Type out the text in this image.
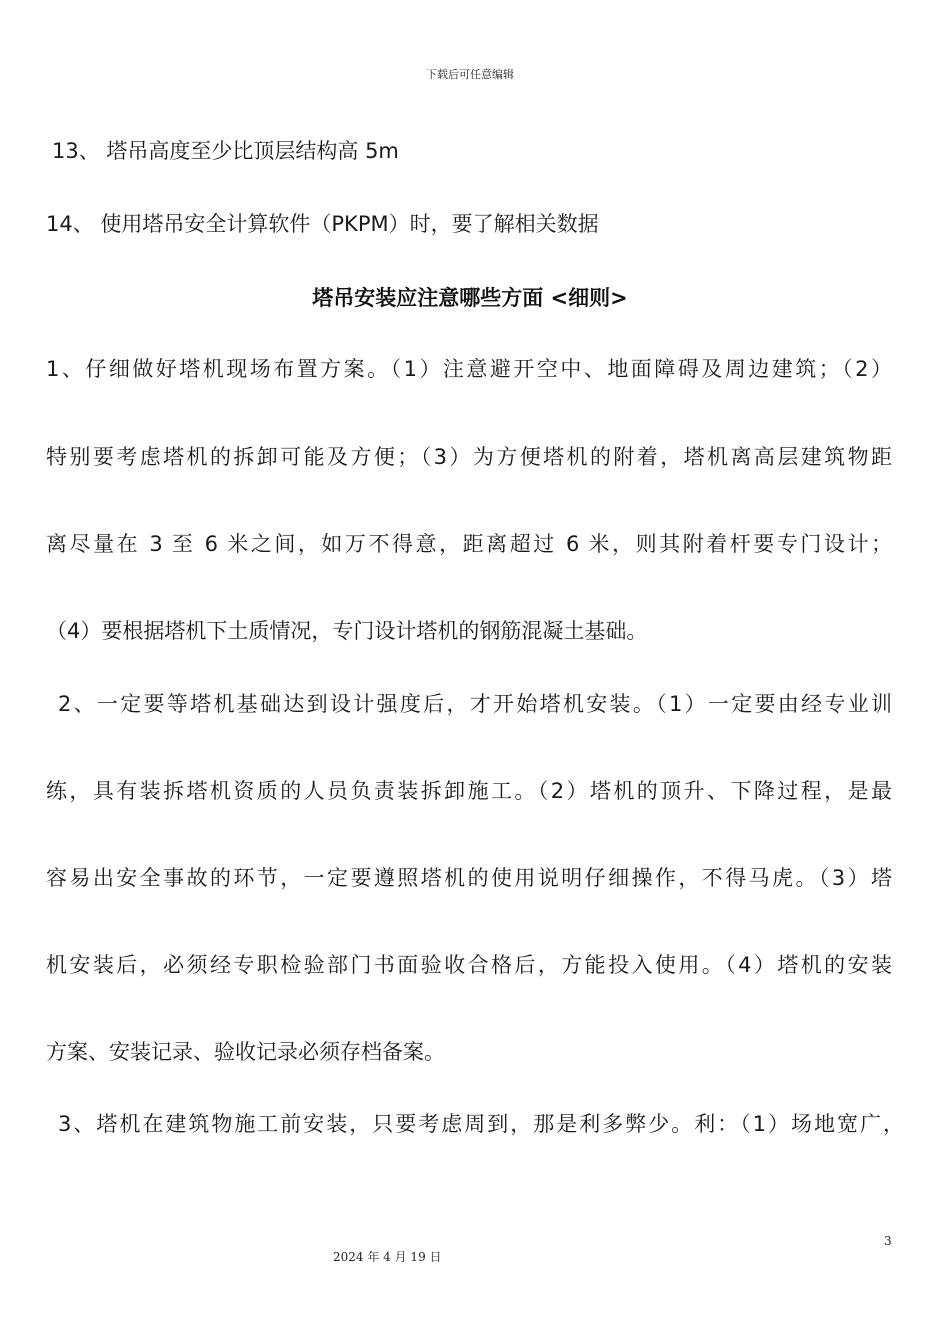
下载后可任意编辑
13、 塔吊高度至少比顶层结构高 5m
14、 使用塔吊安全计算软件（PKPM）时，要了解相关数据
塔吊安装应注意哪些方面 <细则>
1、仔细做好塔机现场布置方案。（1）注意避开空中、地面障碍及周边建筑；（2）
特别要考虑塔机的拆卸可能及方便；（3）为方便塔机的附着，塔机离高层建筑物距
离尽量在 3 至 6 米之间，如万不得意，距离超过 6 米，则其附着杆要专门设计；
（4）要根据塔机下土质情况，专门设计塔机的钢筋混凝土基础。
2、一定要等塔机基础达到设计强度后，才开始塔机安装。（1）一定要由经专业训
练，具有装拆塔机资质的人员负责装拆卸施工。（2）塔机的顶升、下降过程，是最
容易出安全事故的环节，一定要遵照塔机的使用说明仔细操作，不得马虎。（3）塔
机安装后，必须经专职检验部门书面验收合格后，方能投入使用。（4）塔机的安装
方案、安装记录、验收记录必须存档备案。
3、塔机在建筑物施工前安装，只要考虑周到，那是利多弊少。利：（1）场地宽广，
3
2024 年 4 月 19 日
